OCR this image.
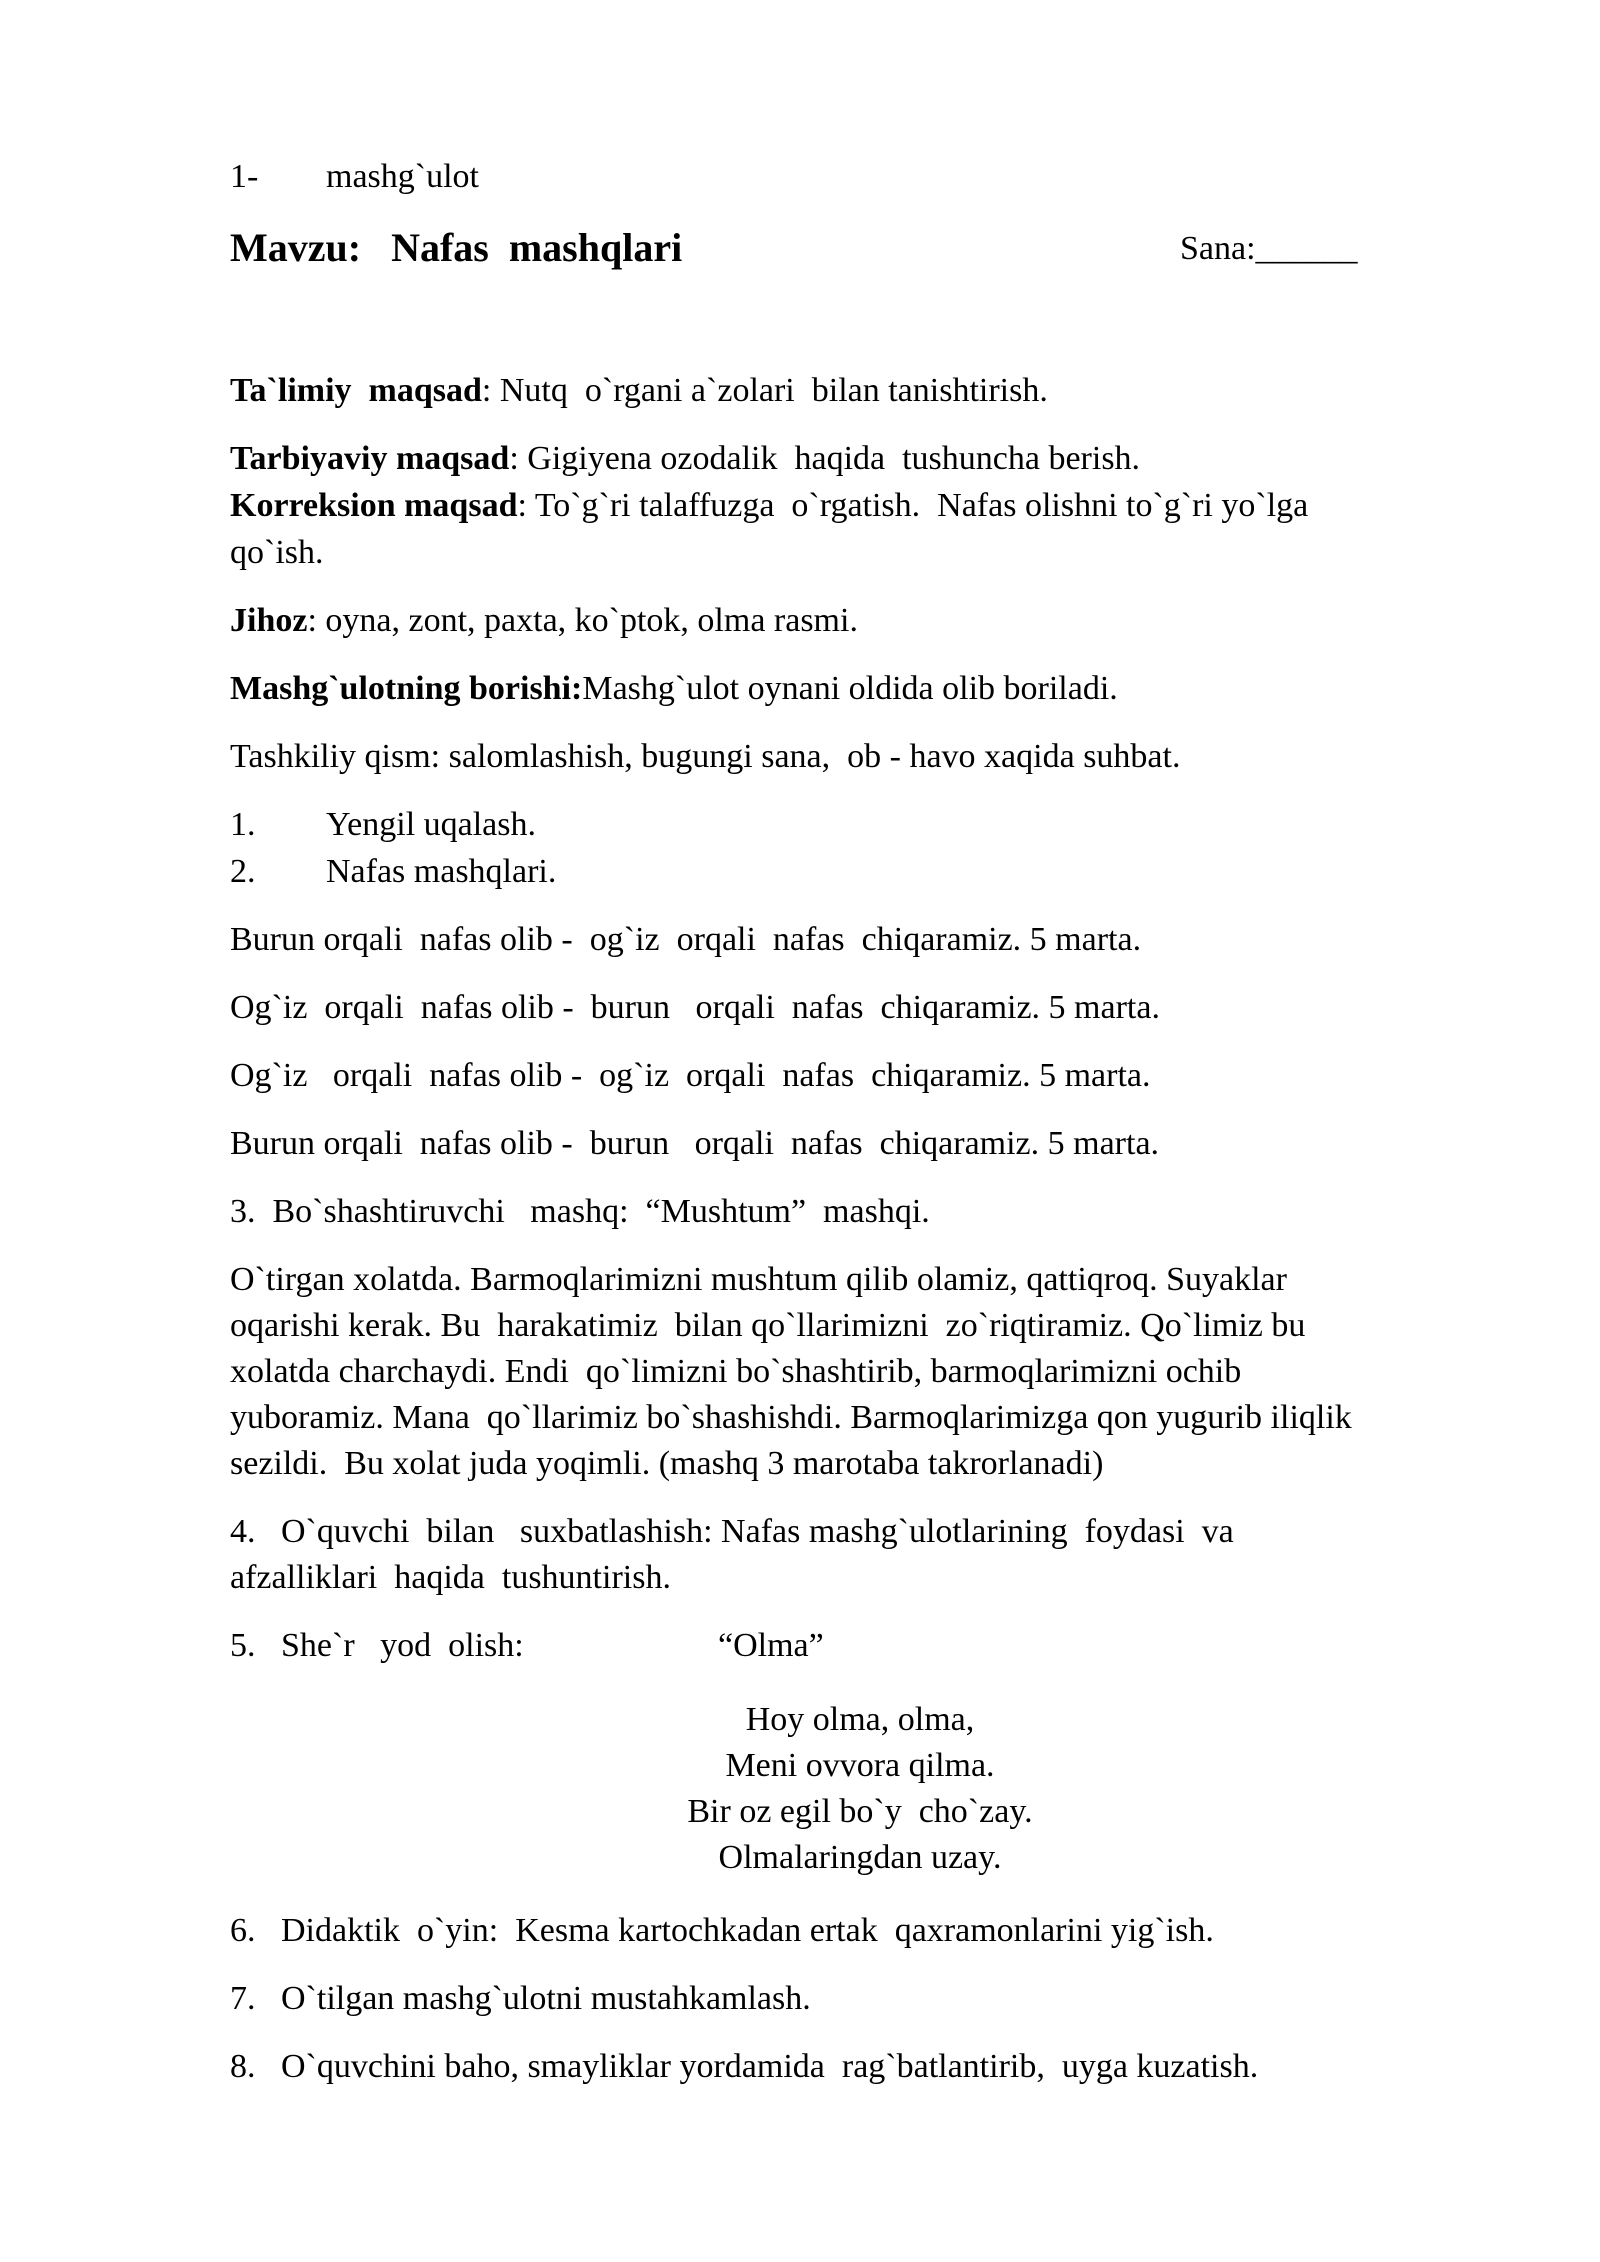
1- mashg`ulot
Mavzu:   Nafas  mashqlari	Sana:______
Ta`limiy  maqsad: Nutq  o`rgani a`zolari  bilan tanishtirish.
Tarbiyaviy maqsad: Gigiyena ozodalik  haqida  tushuncha berish.
Korreksion maqsad: To`g`ri talaffuzga  o`rgatish.  Nafas olishni to`g`ri yo`lga
qo`ish.
Jihoz: oyna, zont, paxta, ko`ptok, olma rasmi.
Mashg`ulotning borishi:Mashg`ulot oynani oldida olib boriladi.
Tashkiliy qism: salomlashish, bugungi sana,  ob - havo xaqida suhbat.
1. Yengil uqalash.
2. Nafas mashqlari.
Burun orqali  nafas olib -  og`iz  orqali  nafas  chiqaramiz. 5 marta.
Og`iz  orqali  nafas olib -  burun   orqali  nafas  chiqaramiz. 5 marta.
Og`iz   orqali  nafas olib -  og`iz  orqali  nafas  chiqaramiz. 5 marta.
Burun orqali  nafas olib -  burun   orqali  nafas  chiqaramiz. 5 marta.
3.  Bo`shashtiruvchi   mashq:  “Mushtum”  mashqi.
O`tirgan xolatda. Barmoqlarimizni mushtum qilib olamiz, qattiqroq. Suyaklar
oqarishi kerak. Bu  harakatimiz  bilan qo`llarimizni  zo`riqtiramiz. Qo`limiz bu
xolatda charchaydi. Endi  qo`limizni bo`shashtirib, barmoqlarimizni ochib
yuboramiz. Mana  qo`llarimiz bo`shashishdi. Barmoqlarimizga qon yugurib iliqlik
sezildi.  Bu xolat juda yoqimli. (mashq 3 marotaba takrorlanadi)
4.   O`quvchi  bilan   suxbatlashish: Nafas mashg`ulotlarining  foydasi  va
afzalliklari  haqida  tushuntirish.
5.   She`r   yod  olish:	“Olma”
Hoy olma, olma,
Meni ovvora qilma.
Bir oz egil bo`y  cho`zay.
Olmalaringdan uzay.
6.   Didaktik  o`yin:  Kesma kartochkadan ertak  qaxramonlarini yig`ish.
7.   O`tilgan mashg`ulotni mustahkamlash.
8.   O`quvchini baho, smayliklar yordamida  rag`batlantirib,  uyga kuzatish.
